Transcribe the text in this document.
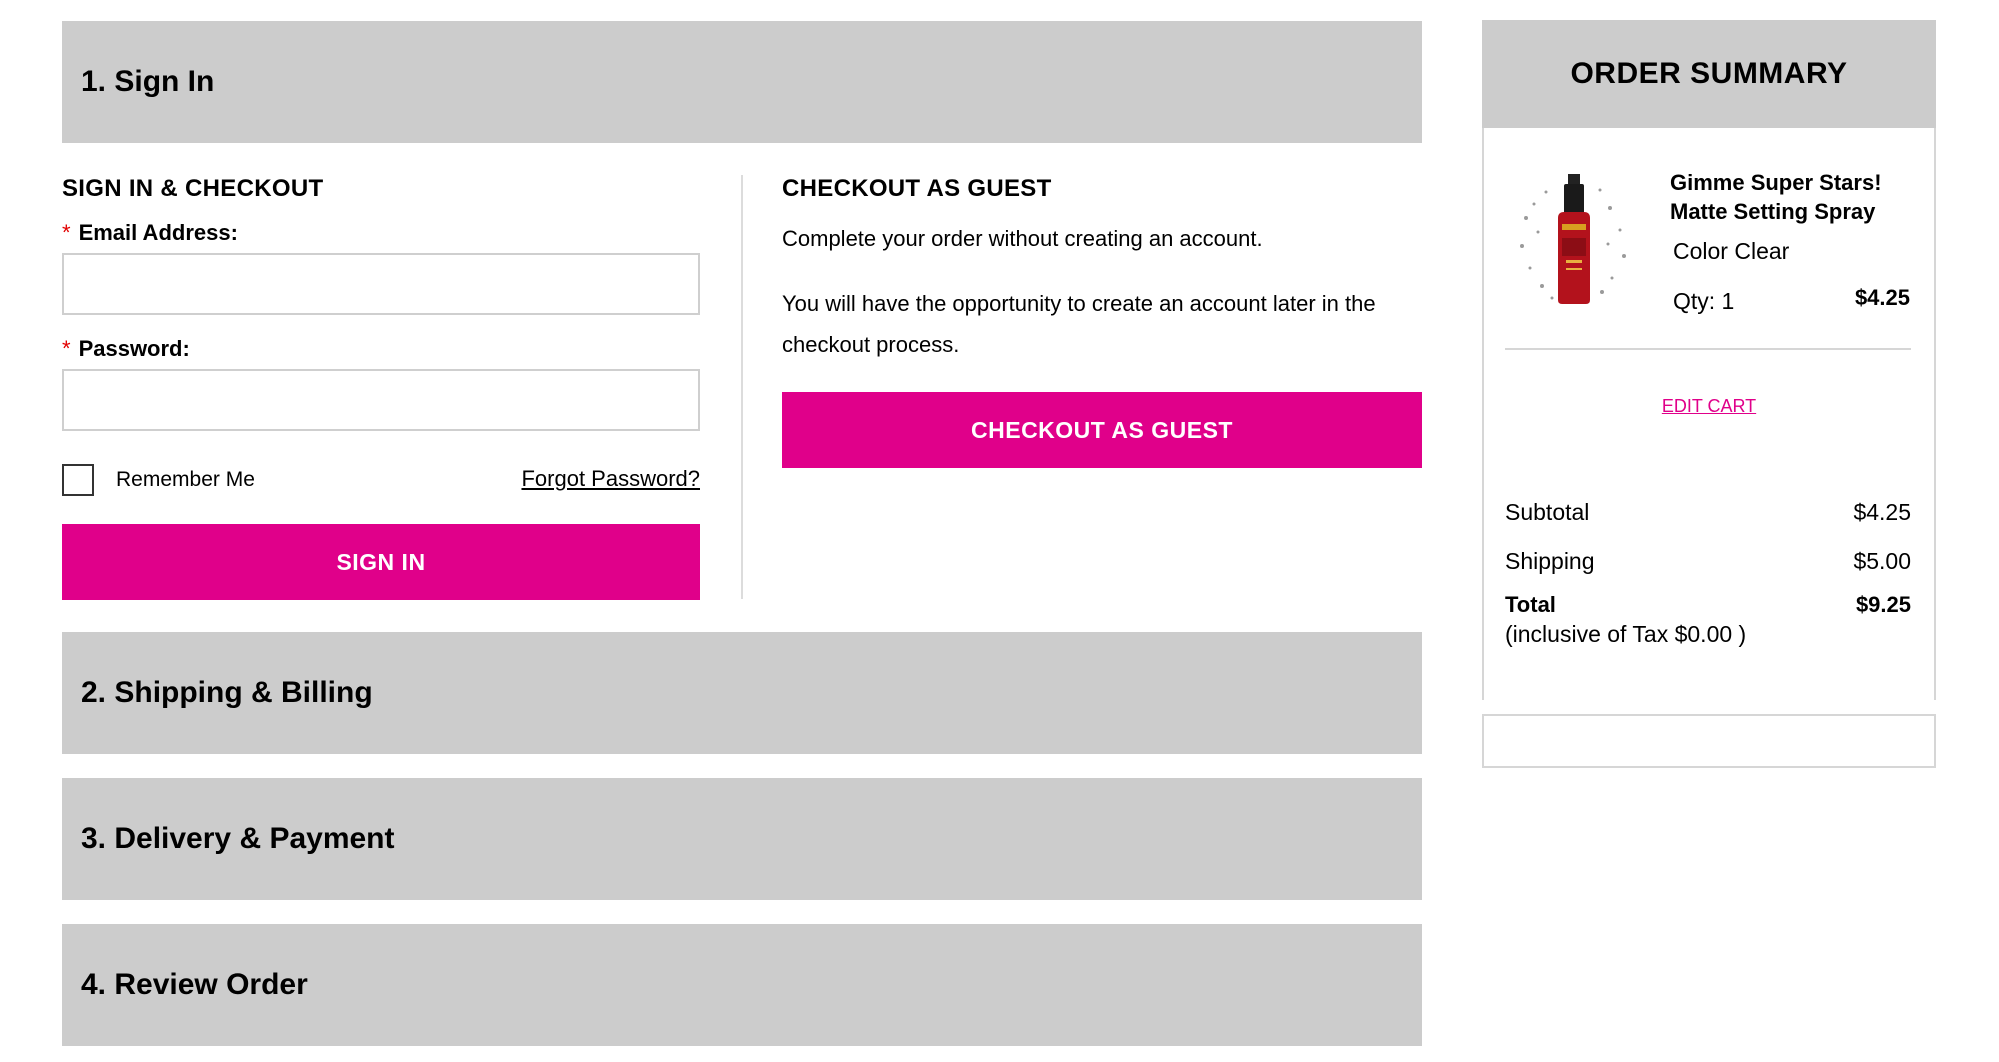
1. Sign In
SIGN IN & CHECKOUT
* Email Address:
* Password:
Remember Me	Forgot Password?
SIGN IN
CHECKOUT AS GUEST
Complete your order without creating an account.
You will have the opportunity to create an account later in the checkout process.
CHECKOUT AS GUEST
2. Shipping & Billing
3. Delivery & Payment
4. Review Order
ORDER SUMMARY
Gimme Super Stars! Matte Setting Spray
Color Clear
Qty: 1	$4.25
EDIT CART
Subtotal	$4.25
Shipping	$5.00
Total	$9.25
(inclusive of Tax $0.00 )
